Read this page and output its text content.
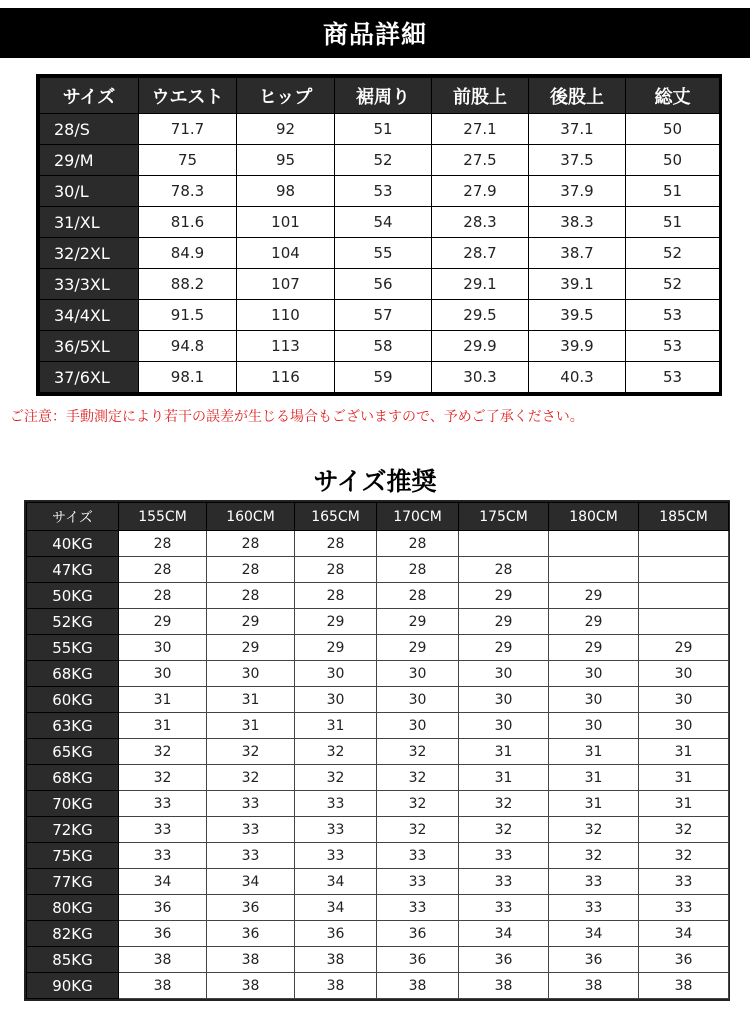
商品詳細
サイズ	ウエスト	ヒップ	裾周り	前股上	後股上	総丈
28/S	71.7	92	51	27.1	37.1	50
29/M	75	95	52	27.5	37.5	50
30/L	78.3	98	53	27.9	37.9	51
31/XL	81.6	101	54	28.3	38.3	51
32/2XL	84.9	104	55	28.7	38.7	52
33/3XL	88.2	107	56	29.1	39.1	52
34/4XL	91.5	110	57	29.5	39.5	53
36/5XL	94.8	113	58	29.9	39.9	53
37/6XL	98.1	116	59	30.3	40.3	53
ご注意：手動測定により若干の誤差が生じる場合もございますので、予めご了承ください。
サイズ推奨
サイズ	155CM	160CM	165CM	170CM	175CM	180CM	185CM
40KG	28	28	28	28			
47KG	28	28	28	28	28		
50KG	28	28	28	28	29	29	
52KG	29	29	29	29	29	29	
55KG	30	29	29	29	29	29	29
68KG	30	30	30	30	30	30	30
60KG	31	31	30	30	30	30	30
63KG	31	31	31	30	30	30	30
65KG	32	32	32	32	31	31	31
68KG	32	32	32	32	31	31	31
70KG	33	33	33	32	32	31	31
72KG	33	33	33	32	32	32	32
75KG	33	33	33	33	33	32	32
77KG	34	34	34	33	33	33	33
80KG	36	36	34	33	33	33	33
82KG	36	36	36	36	34	34	34
85KG	38	38	38	36	36	36	36
90KG	38	38	38	38	38	38	38
